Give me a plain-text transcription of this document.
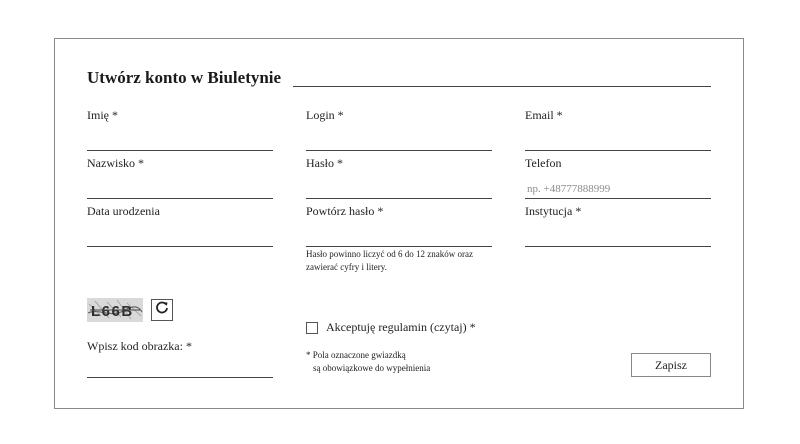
Utwórz konto w Biuletynie
Imię *
Nazwisko *
Data urodzenia
Login *
Hasło *
Powtórz hasło *
Hasło powinno liczyć od 6 do 12 znaków oraz zawierać cyfry i litery.
Email *
Telefon
np. +48777888999
Instytucja *
L66B
Wpisz kod obrazka: *
Akceptuję regulamin (czytaj) *
* Pola oznaczone gwiazdką
są obowiązkowe do wypełnienia	Zapisz
